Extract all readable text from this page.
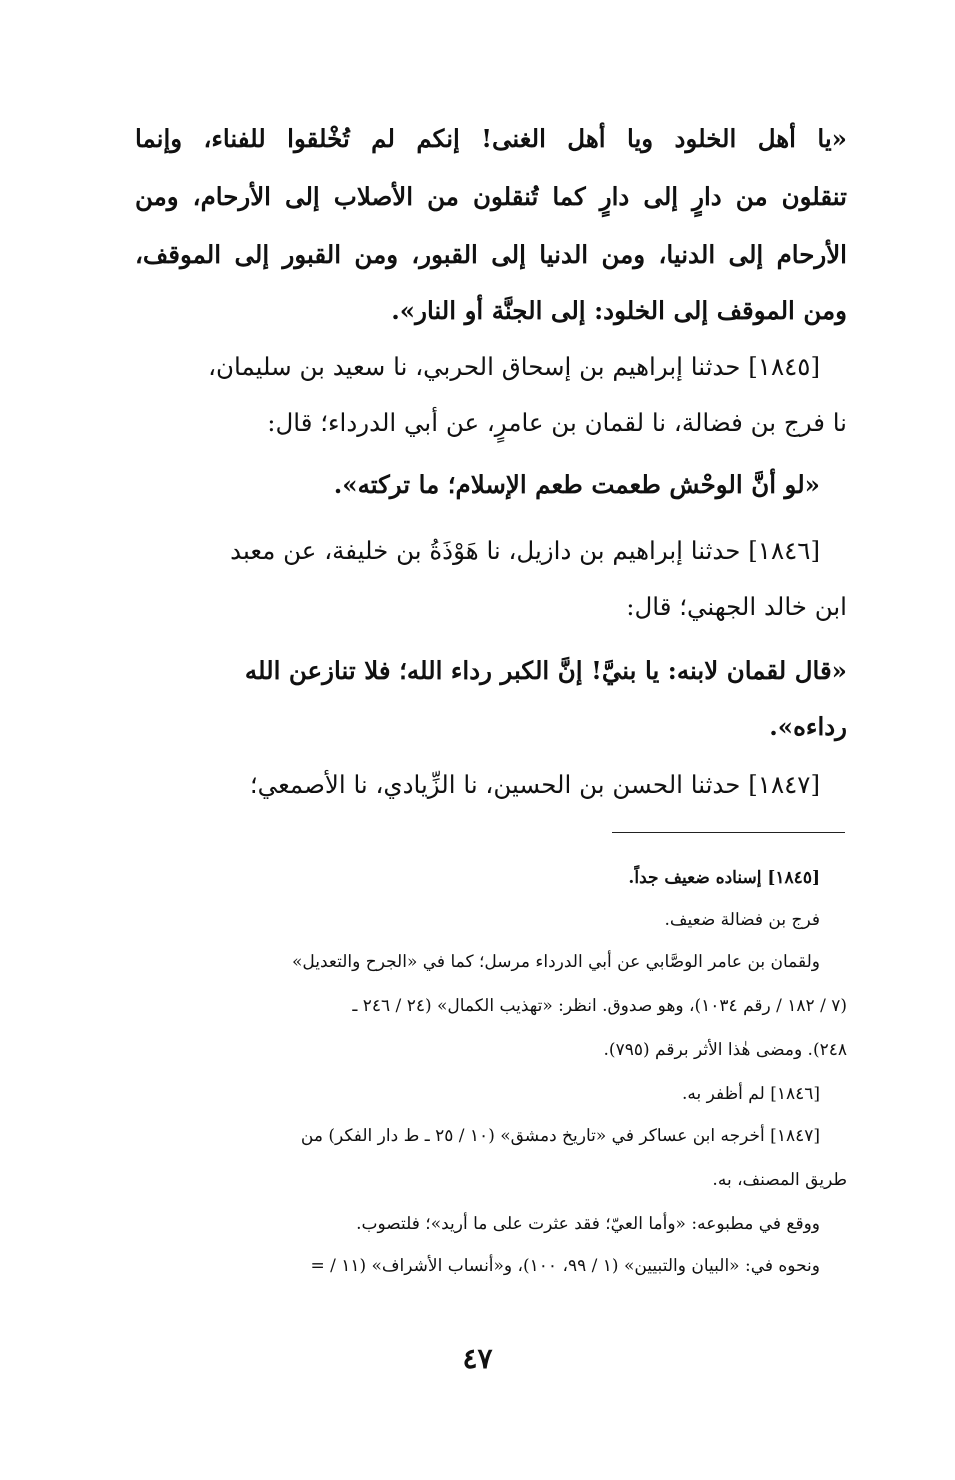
«يا أهل الخلود ويا أهل الغنى! إنكم لم تُخْلقوا للفناء، وإنما
تنقلون من دارٍ إلى دارٍ كما تُنقلون من الأصلاب إلى الأرحام، ومن
الأرحام إلى الدنيا، ومن الدنيا إلى القبور، ومن القبور إلى الموقف،
ومن الموقف إلى الخلود: إلى الجنَّة أو النار».
[١٨٤٥] حدثنا إبراهيم بن إسحاق الحربي، نا سعيد بن سليمان،
نا فرج بن فضالة، نا لقمان بن عامرٍ، عن أبي الدرداء؛ قال:
«لو أنَّ الوحْش طعمت طعم الإسلام؛ ما تركته».
[١٨٤٦] حدثنا إبراهيم بن دازيل، نا هَوْذَةُ بن خليفة، عن معبد
ابن خالد الجهني؛ قال:
«قال لقمان لابنه: يا بنيَّ! إنَّ الكبر رداء الله؛ فلا تنازعن الله
رداءه».
[١٨٤٧] حدثنا الحسن بن الحسين، نا الزِّيادي، نا الأصمعي؛
[١٨٤٥] إسناده ضعيف جداً.
فرج بن فضالة ضعيف.
ولقمان بن عامر الوصَّابي عن أبي الدرداء مرسل؛ كما في «الجرح والتعديل»
(٧ / ١٨٢ / رقم ١٠٣٤)، وهو صدوق. انظر: «تهذيب الكمال» (٢٤ / ٢٤٦ ـ
٢٤٨). ومضى هٰذا الأثر برقم (٧٩٥).
[١٨٤٦] لم أظفر به.
[١٨٤٧] أخرجه ابن عساكر في «تاريخ دمشق» (١٠ / ٢٥ ـ ط دار الفكر) من
طريق المصنف، به.
ووقع في مطبوعه: «وأما العيّ؛ فقد عثرت على ما أريد»؛ فلتصوب.
ونحوه في: «البيان والتبيين» (١ / ٩٩، ١٠٠)، و«أنساب الأشراف» (١١ / =
٤٧
